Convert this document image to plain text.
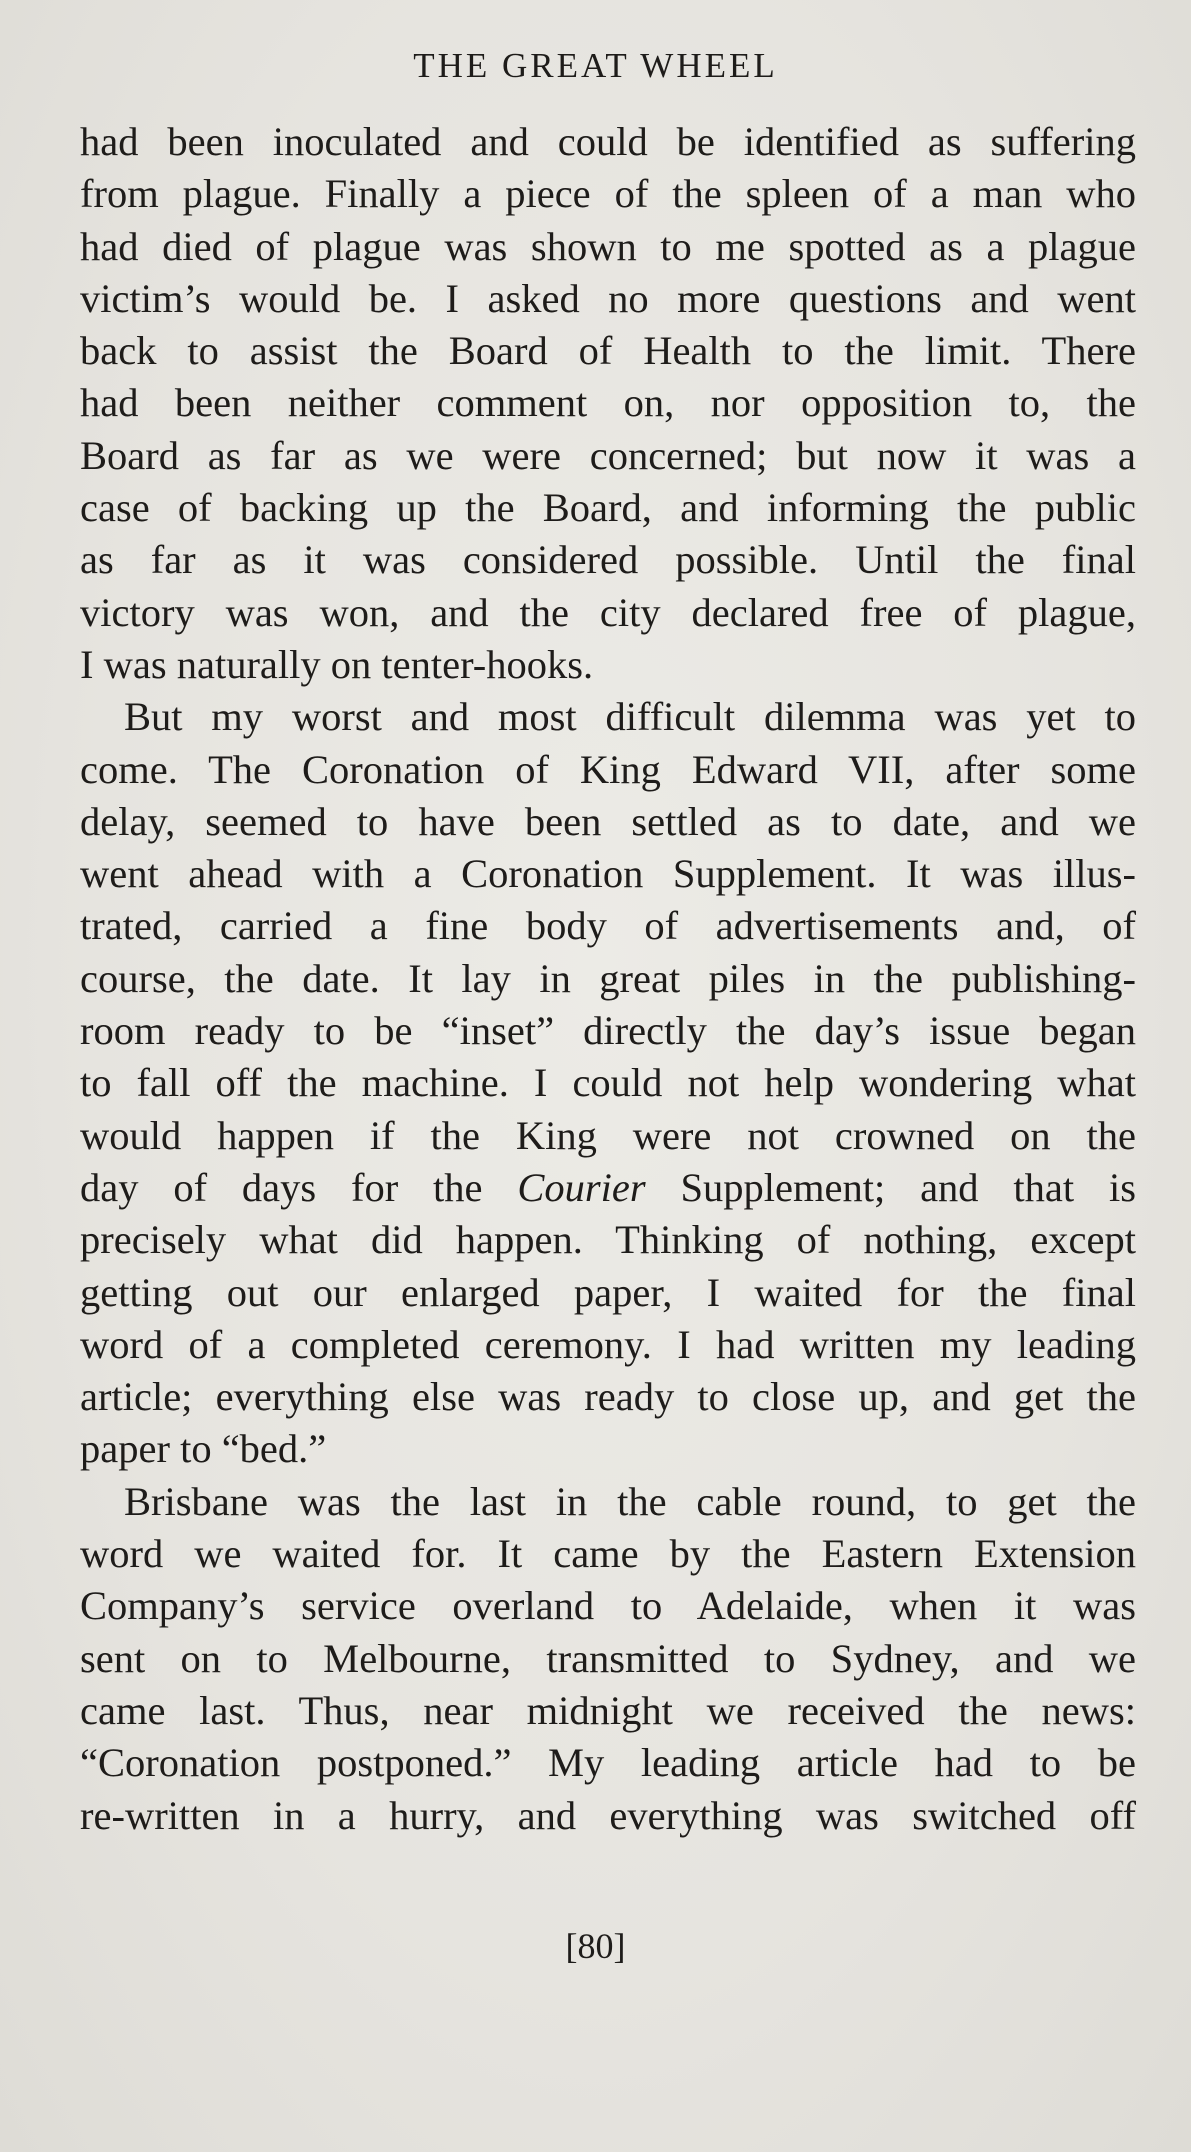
THE GREAT WHEEL
had been inoculated and could be identified as suffering
from plague. Finally a piece of the spleen of a man who
had died of plague was shown to me spotted as a plague
victim’s would be. I asked no more questions and went
back to assist the Board of Health to the limit. There
had been neither comment on, nor opposition to, the
Board as far as we were concerned; but now it was a
case of backing up the Board, and informing the public
as far as it was considered possible. Until the final
victory was won, and the city declared free of plague,
I was naturally on tenter-hooks.
But my worst and most difficult dilemma was yet to
come. The Coronation of King Edward VII, after some
delay, seemed to have been settled as to date, and we
went ahead with a Coronation Supplement. It was illus-
trated, carried a fine body of advertisements and, of
course, the date. It lay in great piles in the publishing-
room ready to be “inset” directly the day’s issue began
to fall off the machine. I could not help wondering what
would happen if the King were not crowned on the
day of days for the Courier Supplement; and that is
precisely what did happen. Thinking of nothing, except
getting out our enlarged paper, I waited for the final
word of a completed ceremony. I had written my leading
article; everything else was ready to close up, and get the
paper to “bed.”
Brisbane was the last in the cable round, to get the
word we waited for. It came by the Eastern Extension
Company’s service overland to Adelaide, when it was
sent on to Melbourne, transmitted to Sydney, and we
came last. Thus, near midnight we received the news:
“Coronation postponed.” My leading article had to be
re-written in a hurry, and everything was switched off
[80]
